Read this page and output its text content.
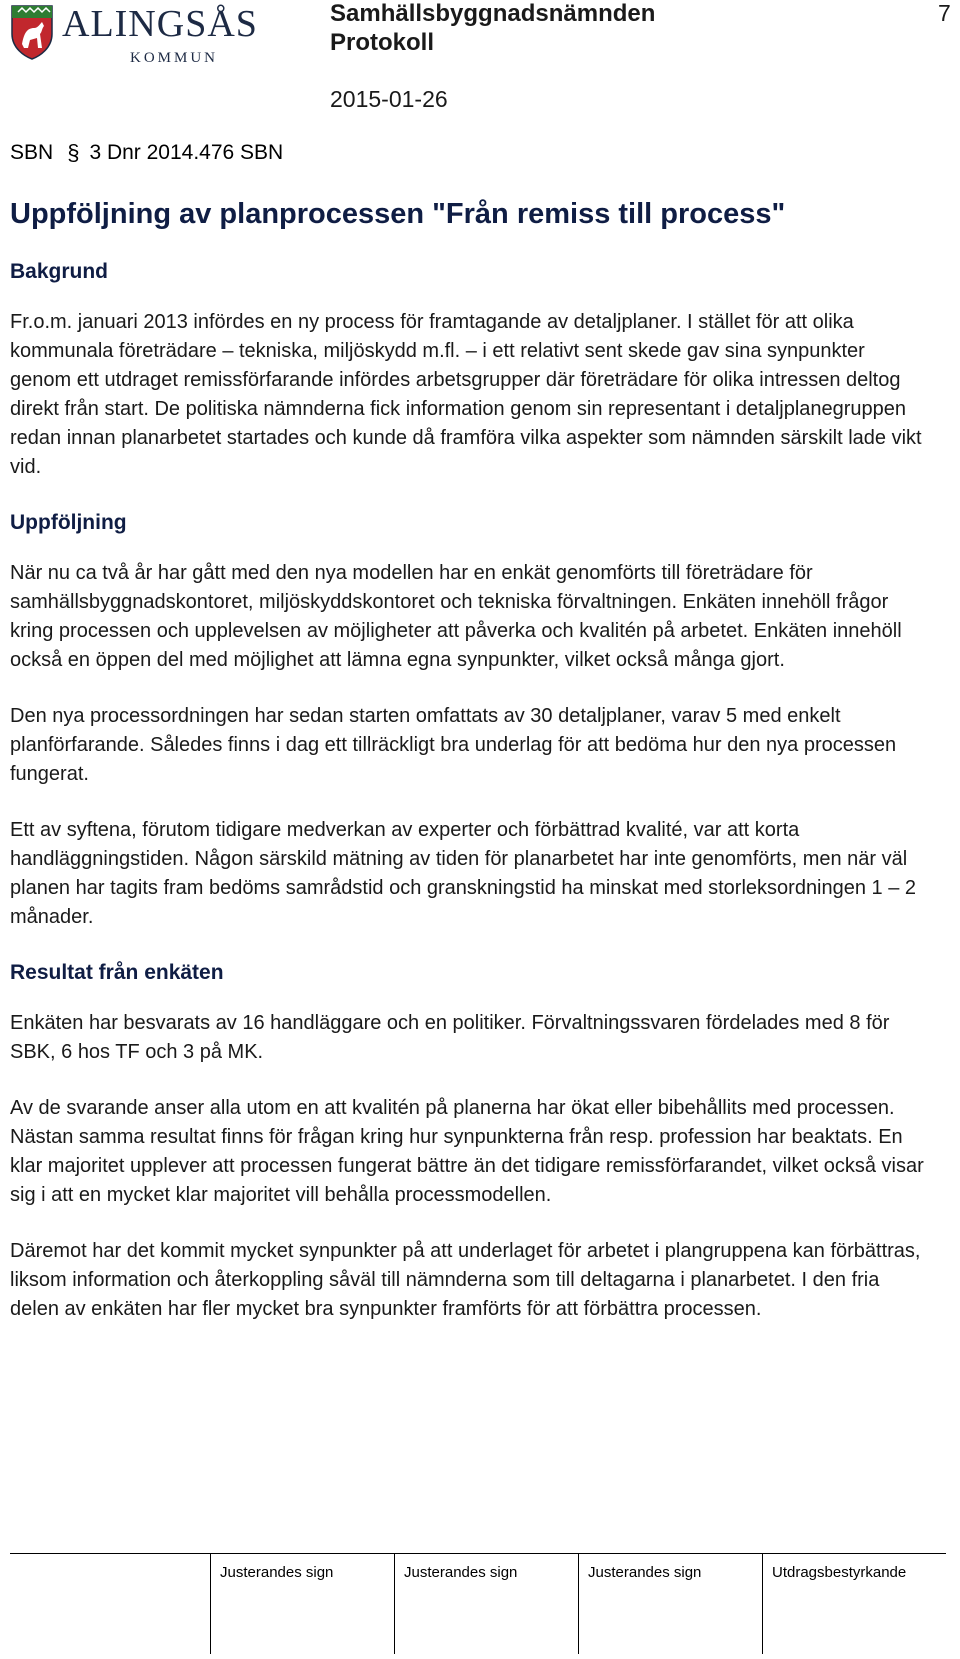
ALINGSÅS
KOMMUN
Samhällsbyggnadsnämnden
Protokoll
7
2015-01-26
SBN § 3 Dnr 2014.476 SBN
Uppföljning av planprocessen "Från remiss till process"
Bakgrund

Fr.o.m. januari 2013 infördes en ny process för framtagande av detaljplaner. I stället för att olika kommunala företrädare – tekniska, miljöskydd m.fl. – i ett relativt sent skede gav sina synpunkter genom ett utdraget remissförfarande infördes arbetsgrupper där företrädare för olika intressen deltog direkt från start. De politiska nämnderna fick information genom sin representant i detaljplanegruppen redan innan planarbetet startades och kunde då framföra vilka aspekter som nämnden särskilt lade vikt vid.

Uppföljning

När nu ca två år har gått med den nya modellen har en enkät genomförts till företrädare för samhällsbyggnadskontoret, miljöskyddskontoret och tekniska förvaltningen. Enkäten innehöll frågor kring processen och upplevelsen av möjligheter att påverka och kvalitén på arbetet. Enkäten innehöll också en öppen del med möjlighet att lämna egna synpunkter, vilket också många gjort.

Den nya processordningen har sedan starten omfattats av 30 detaljplaner, varav 5 med enkelt planförfarande. Således finns i dag ett tillräckligt bra underlag för att bedöma hur den nya processen fungerat.

Ett av syftena, förutom tidigare medverkan av experter och förbättrad kvalité, var att korta handläggningstiden. Någon särskild mätning av tiden för planarbetet har inte genomförts, men när väl planen har tagits fram bedöms samrådstid och granskningstid ha minskat med storleksordningen 1 – 2 månader.

Resultat från enkäten

Enkäten har besvarats av 16 handläggare och en politiker. Förvaltningssvaren fördelades med 8 för SBK, 6 hos TF och 3 på MK.

Av de svarande anser alla utom en att kvalitén på planerna har ökat eller bibehållits med processen. Nästan samma resultat finns för frågan kring hur synpunkterna från resp. profession har beaktats. En klar majoritet upplever att processen fungerat bättre än det tidigare remissförfarandet, vilket också visar sig i att en mycket klar majoritet vill behålla processmodellen.

Däremot har det kommit mycket synpunkter på att underlaget för arbetet i plangruppena kan förbättras, liksom information och återkoppling såväl till nämnderna som till deltagarna i planarbetet. I den fria delen av enkäten har fler mycket bra synpunkter framförts för att förbättra processen.

Justerandes sign	Justerandes sign	Justerandes sign	Utdragsbestyrkande
